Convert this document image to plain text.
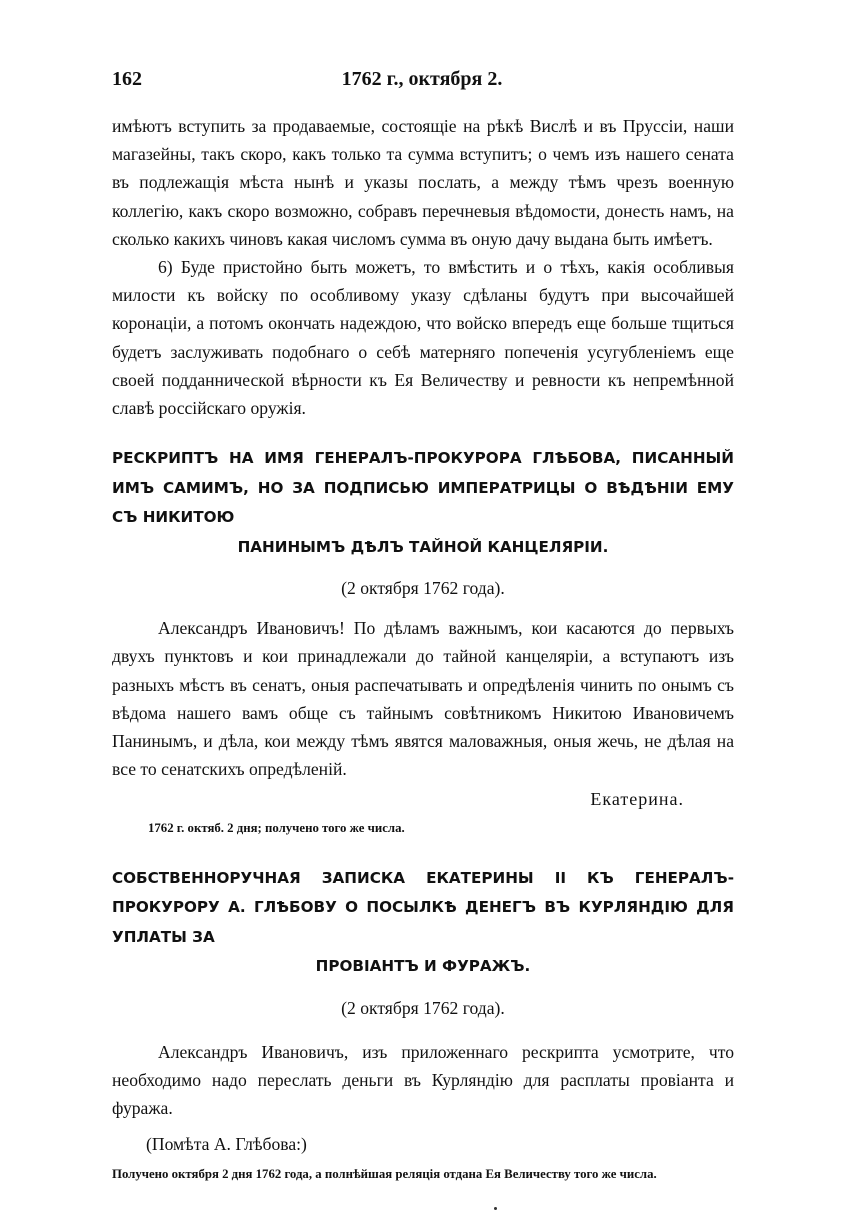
162	1762 г., октября 2.

имѣютъ вступить за продаваемые, состоящіе на рѣкѣ Вислѣ и въ Пруссіи, наши магазейны, такъ скоро, какъ только та сумма вступитъ; о чемъ изъ нашего сената въ подлежащія мѣста нынѣ и указы послать, а между тѣмъ чрезъ военную коллегію, какъ скоро возможно, собравъ перечневыя вѣдомости, донесть намъ, на сколько какихъ чиновъ какая числомъ сумма въ оную дачу выдана быть имѣетъ.

6) Буде пристойно быть можетъ, то вмѣстить и о тѣхъ, какія особливыя милости къ войску по особливому указу сдѣланы будутъ при высочайшей коронаціи, а потомъ окончать надеждою, что войско впередъ еще больше тщиться будетъ заслуживать подобнаго о себѣ матерняго попеченія усугубленіемъ еще своей подданнической вѣрности къ Ея Величеству и ревности къ непремѣнной славѣ россійскаго оружія.

РЕСКРИПТЪ НА ИМЯ ГЕНЕРАЛЪ-ПРОКУРОРА ГЛѢБОВА, ПИСАННЫЙ ИМЪ САМИМЪ, НО ЗА ПОДПИСЬЮ ИМПЕРАТРИЦЫ О ВѢДѢНІИ ЕМУ СЪ НИКИТОЮ
ПАНИНЫМЪ ДѢЛЪ ТАЙНОЙ КАНЦЕЛЯРІИ.

(2 октября 1762 года).

Александръ Ивановичъ! По дѣламъ важнымъ, кои касаются до первыхъ двухъ пунктовъ и кои принадлежали до тайной канцеляріи, а вступаютъ изъ разныхъ мѣстъ въ сенатъ, оныя распечатывать и опредѣленія чинить по онымъ съ вѣдома нашего вамъ обще съ тайнымъ совѣтникомъ Никитою Ивановичемъ Панинымъ, и дѣла, кои между тѣмъ явятся маловажныя, оныя жечь, не дѣлая на все то сенатскихъ опредѣленій.

Екатерина.

1762 г. октяб. 2 дня; получено того же числа.

СОБСТВЕННОРУЧНАЯ ЗАПИСКА ЕКАТЕРИНЫ II КЪ ГЕНЕРАЛЪ-ПРОКУРОРУ А. ГЛѢБОВУ О ПОСЫЛКѢ ДЕНЕГЪ ВЪ КУРЛЯНДІЮ ДЛЯ УПЛАТЫ ЗА
ПРОВІАНТЪ И ФУРАЖЪ.

(2 октября 1762 года).

Александръ Ивановичъ, изъ приложеннаго рескрипта усмотрите, что необходимо надо переслать деньги въ Курляндію для расплаты провіанта и фуража.

(Помѣта А. Глѣбова:)

Получено октября 2 дня 1762 года, а полнѣйшая реляція отдана Ея Величеству того же числа.
